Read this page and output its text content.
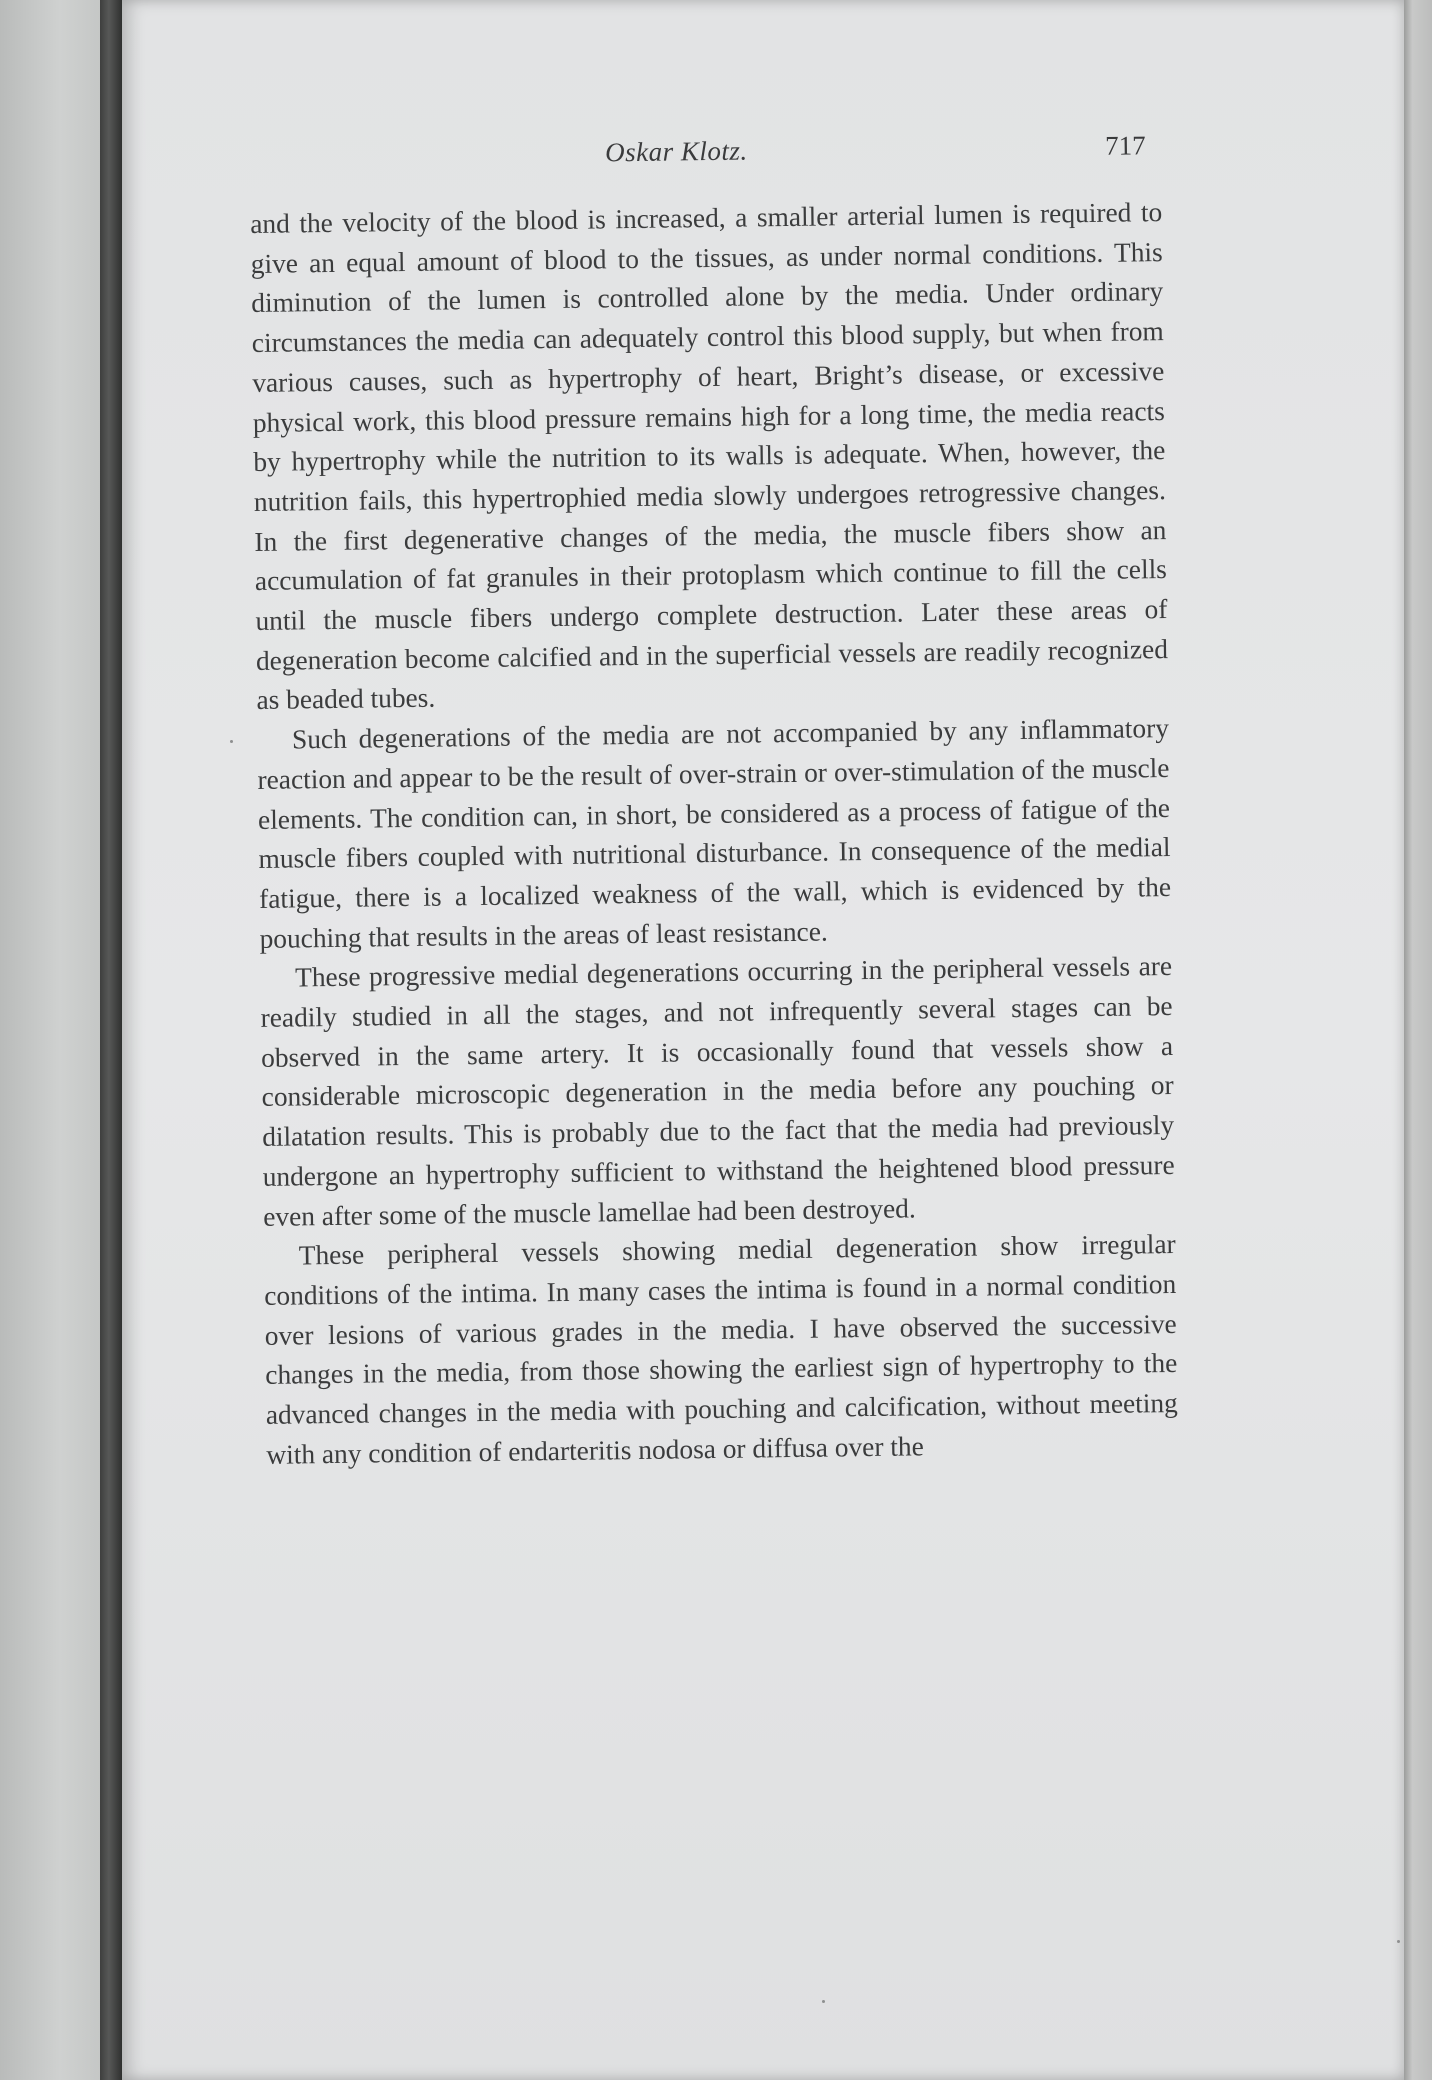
Oskar Klotz.	717

and the velocity of the blood is increased, a smaller arterial lumen is required to give an equal amount of blood to the tissues, as under normal conditions. This diminution of the lumen is controlled alone by the media. Under ordinary circumstances the media can adequately control this blood supply, but when from various causes, such as hypertrophy of heart, Bright’s disease, or excessive physical work, this blood pressure remains high for a long time, the media reacts by hypertrophy while the nutrition to its walls is adequate. When, however, the nutrition fails, this hypertrophied media slowly undergoes retrogressive changes. In the first degenerative changes of the media, the muscle fibers show an accumulation of fat granules in their protoplasm which continue to fill the cells until the muscle fibers undergo complete destruction. Later these areas of degeneration become calcified and in the superficial vessels are readily recognized as beaded tubes.

Such degenerations of the media are not accompanied by any inflammatory reaction and appear to be the result of over-strain or over-stimulation of the muscle elements. The condition can, in short, be considered as a process of fatigue of the muscle fibers coupled with nutritional disturbance. In consequence of the medial fatigue, there is a localized weakness of the wall, which is evidenced by the pouching that results in the areas of least resistance.

These progressive medial degenerations occurring in the peripheral vessels are readily studied in all the stages, and not infrequently several stages can be observed in the same artery. It is occasionally found that vessels show a considerable microscopic degeneration in the media before any pouching or dilatation results. This is probably due to the fact that the media had previously undergone an hypertrophy sufficient to withstand the heightened blood pressure even after some of the muscle lamellae had been destroyed.

These peripheral vessels showing medial degeneration show irregular conditions of the intima. In many cases the intima is found in a normal condition over lesions of various grades in the media. I have observed the successive changes in the media, from those showing the earliest sign of hypertrophy to the advanced changes in the media with pouching and calcification, without meeting with any condition of endarteritis nodosa or diffusa over the
